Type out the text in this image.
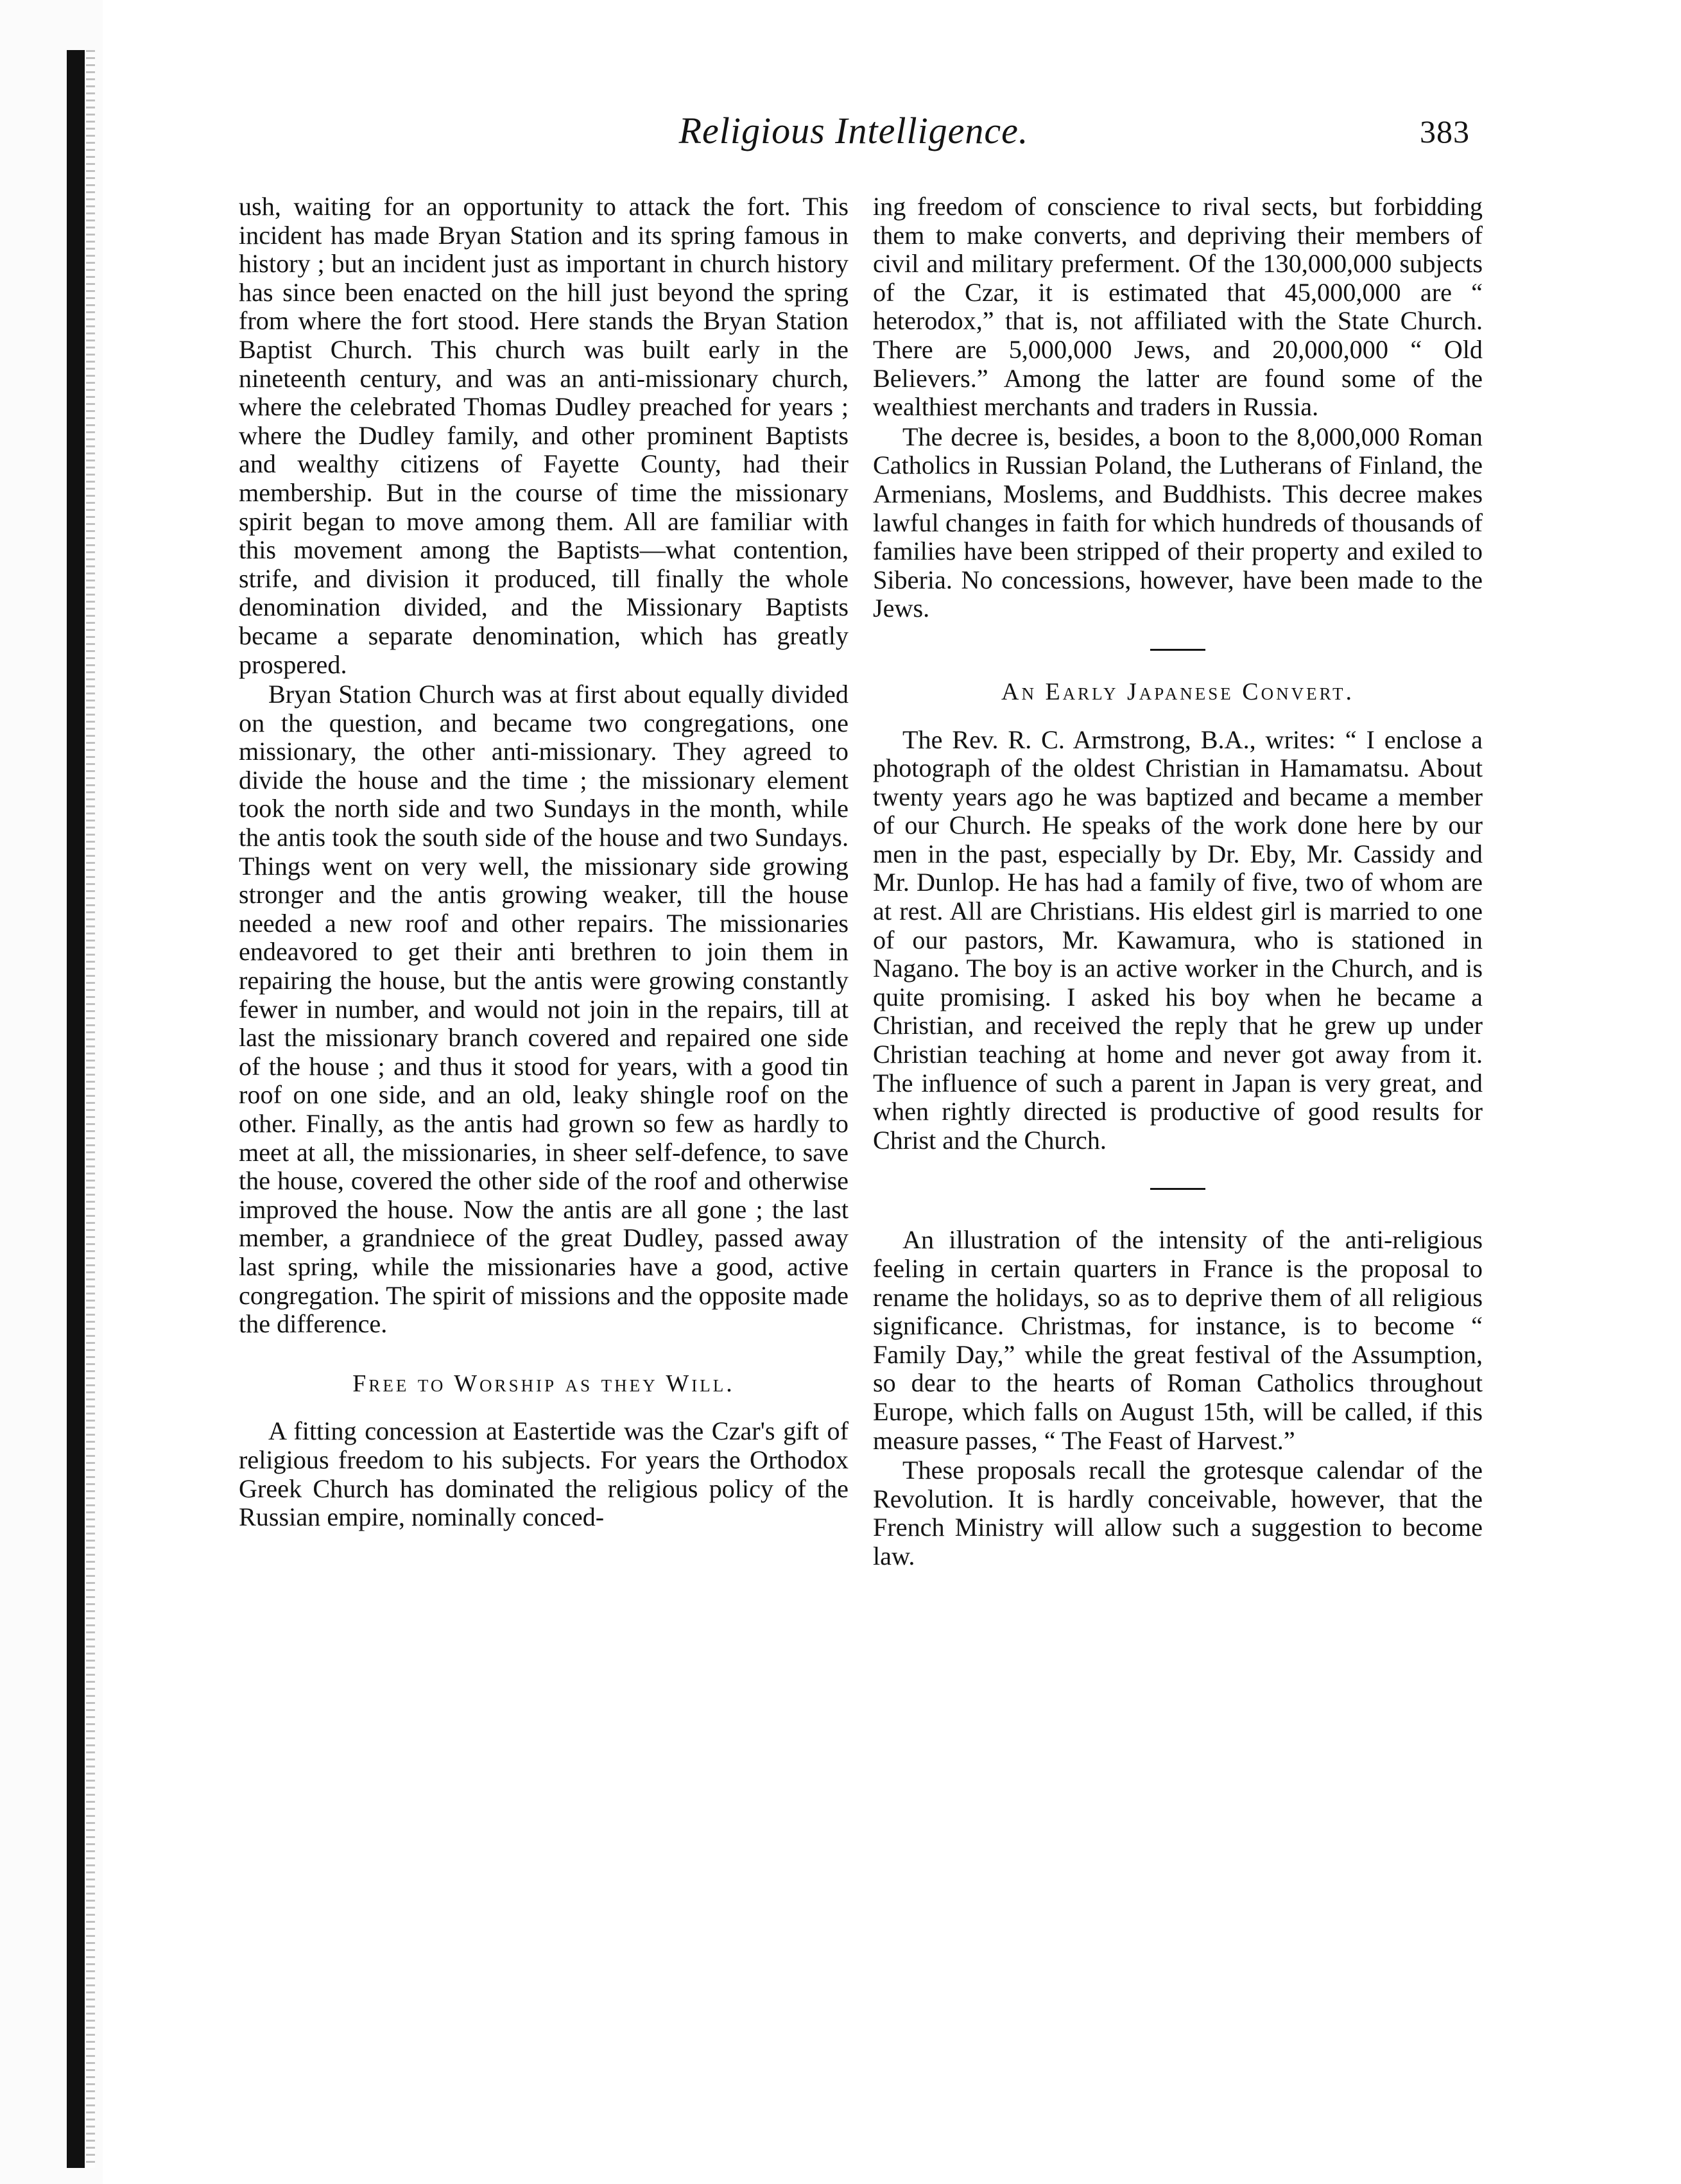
Religious Intelligence.	383

ush, waiting for an opportunity to attack the fort. This incident has made Bryan Station and its spring famous in history ; but an incident just as important in church history has since been enacted on the hill just beyond the spring from where the fort stood. Here stands the Bryan Station Baptist Church. This church was built early in the nineteenth century, and was an anti-missionary church, where the celebrated Thomas Dudley preached for years ; where the Dudley family, and other prominent Baptists and wealthy citizens of Fayette County, had their membership. But in the course of time the missionary spirit began to move among them. All are familiar with this movement among the Baptists—what contention, strife, and division it produced, till finally the whole denomination divided, and the Missionary Baptists became a separate denomination, which has greatly prospered.

Bryan Station Church was at first about equally divided on the question, and became two congregations, one missionary, the other anti-missionary. They agreed to divide the house and the time ; the missionary element took the north side and two Sundays in the month, while the antis took the south side of the house and two Sundays. Things went on very well, the missionary side growing stronger and the antis growing weaker, till the house needed a new roof and other repairs. The missionaries endeavored to get their anti brethren to join them in repairing the house, but the antis were growing constantly fewer in number, and would not join in the repairs, till at last the missionary branch covered and repaired one side of the house ; and thus it stood for years, with a good tin roof on one side, and an old, leaky shingle roof on the other. Finally, as the antis had grown so few as hardly to meet at all, the missionaries, in sheer self-defence, to save the house, covered the other side of the roof and otherwise improved the house. Now the antis are all gone ; the last member, a grandniece of the great Dudley, passed away last spring, while the missionaries have a good, active congregation. The spirit of missions and the opposite made the difference.

Free to Worship as they Will.

A fitting concession at Eastertide was the Czar's gift of religious freedom to his subjects. For years the Orthodox Greek Church has dominated the religious policy of the Russian empire, nominally conced-

ing freedom of conscience to rival sects, but forbidding them to make converts, and depriving their members of civil and military preferment. Of the 130,000,000 subjects of the Czar, it is estimated that 45,000,000 are “ heterodox,” that is, not affiliated with the State Church. There are 5,000,000 Jews, and 20,000,000 “ Old Believers.” Among the latter are found some of the wealthiest merchants and traders in Russia.

The decree is, besides, a boon to the 8,000,000 Roman Catholics in Russian Poland, the Lutherans of Finland, the Armenians, Moslems, and Buddhists. This decree makes lawful changes in faith for which hundreds of thousands of families have been stripped of their property and exiled to Siberia. No concessions, however, have been made to the Jews.

An Early Japanese Convert.

The Rev. R. C. Armstrong, B.A., writes: “ I enclose a photograph of the oldest Christian in Hamamatsu. About twenty years ago he was baptized and became a member of our Church. He speaks of the work done here by our men in the past, especially by Dr. Eby, Mr. Cassidy and Mr. Dunlop. He has had a family of five, two of whom are at rest. All are Christians. His eldest girl is married to one of our pastors, Mr. Kawamura, who is stationed in Nagano. The boy is an active worker in the Church, and is quite promising. I asked his boy when he became a Christian, and received the reply that he grew up under Christian teaching at home and never got away from it. The influence of such a parent in Japan is very great, and when rightly directed is productive of good results for Christ and the Church.

An illustration of the intensity of the anti-religious feeling in certain quarters in France is the proposal to rename the holidays, so as to deprive them of all religious significance. Christmas, for instance, is to become “ Family Day,” while the great festival of the Assumption, so dear to the hearts of Roman Catholics throughout Europe, which falls on August 15th, will be called, if this measure passes, “ The Feast of Harvest.”

These proposals recall the grotesque calendar of the Revolution. It is hardly conceivable, however, that the French Ministry will allow such a suggestion to become law.
